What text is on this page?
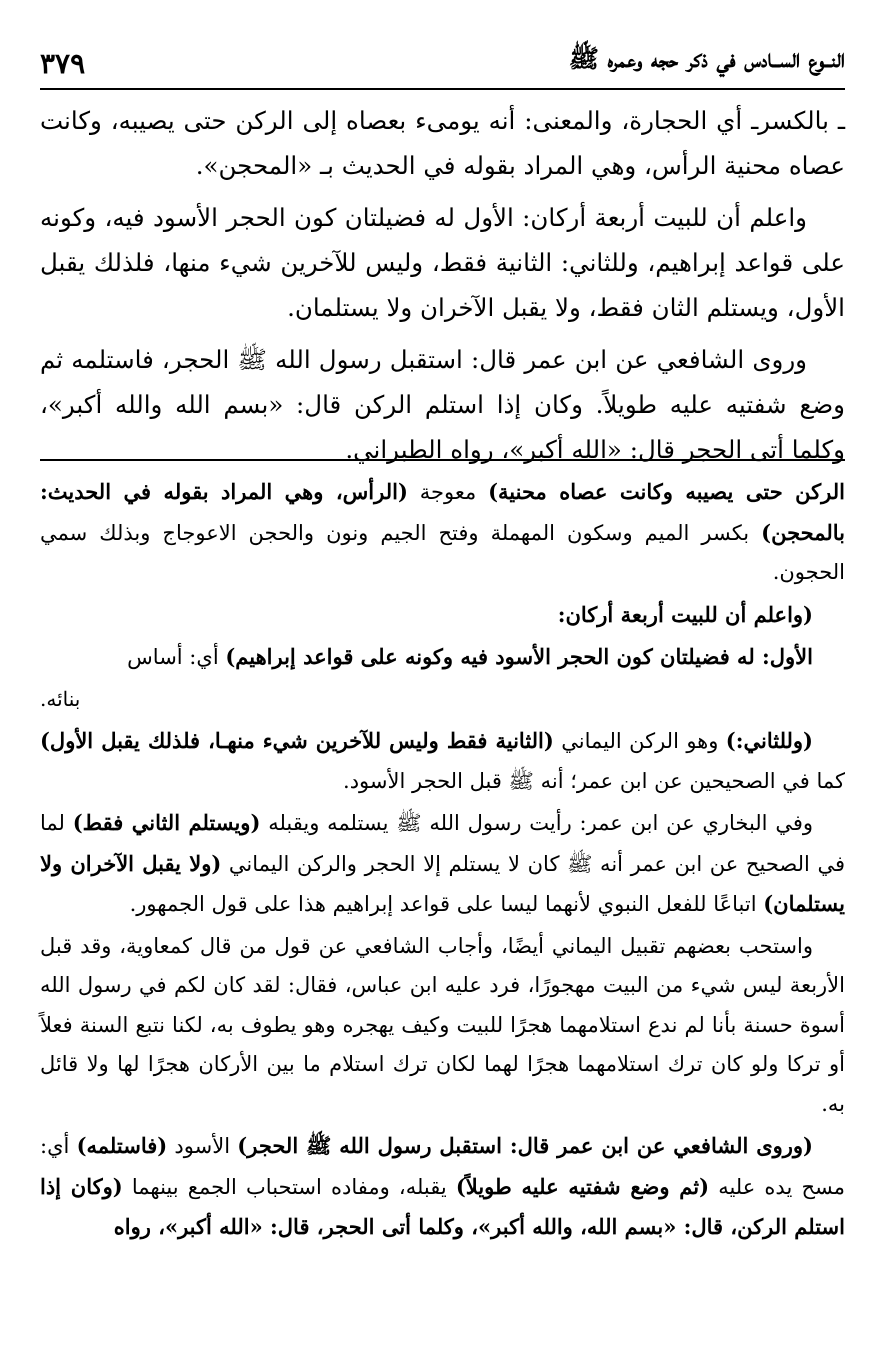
النــوع الســادس في ذكر حجه وعمره ﷺ
٣٧٩

ـ بالكسرـ أي الحجارة، والمعنى: أنه يومىء بعصاه إلى الركن حتى يصيبه، وكانت عصاه محنية الرأس، وهي المراد بقوله في الحديث بـ «المحجن».

واعلم أن للبيت أربعة أركان: الأول له فضيلتان كون الحجر الأسود فيه، وكونه على قواعد إبراهيم، وللثاني: الثانية فقط، وليس للآخرين شيء منها، فلذلك يقبل الأول، ويستلم الثان فقط، ولا يقبل الآخران ولا يستلمان.

وروى الشافعي عن ابن عمر قال: استقبل رسول الله ﷺ الحجر، فاستلمه ثم وضع شفتيه عليه طويلاً. وكان إذا استلم الركن قال: «بسم الله والله أكبر»، وكلما أتى الحجر قال: «الله أكبر»، رواه الطبراني.

الركن حتى يصيبه وكانت عصاه محنية) معوجة (الرأس، وهي المراد بقوله في الحديث: بالمحجن) بكسر الميم وسكون المهملة وفتح الجيم ونون والحجن الاعوجاج وبذلك سمي الحجون.

(واعلم أن للبيت أربعة أركان:

الأول: له فضيلتان كون الحجر الأسود فيه وكونه على قواعد إبراهيم) أي: أساس

بنائه.

(وللثاني:) وهو الركن اليماني (الثانية فقط وليس للآخرين شيء منهـا، فلذلك يقبل الأول) كما في الصحيحين عن ابن عمر؛ أنه ﷺ قبل الحجر الأسود.

وفي البخاري عن ابن عمر: رأيت رسول الله ﷺ يستلمه ويقبله (ويستلم الثاني فقط) لما في الصحيح عن ابن عمر أنه ﷺ كان لا يستلم إلا الحجر والركن اليماني (ولا يقبل الآخران ولا يستلمان) اتباعًا للفعل النبوي لأنهما ليسا على قواعد إبراهيم هذا على قول الجمهور.

واستحب بعضهم تقبيل اليماني أيضًا، وأجاب الشافعي عن قول من قال كمعاوية، وقد قبل الأربعة ليس شيء من البيت مهجورًا، فرد عليه ابن عباس، فقال: لقد كان لكم في رسول الله أسوة حسنة بأنا لم ندع استلامهما هجرًا للبيت وكيف يهجره وهو يطوف به، لكنا نتبع السنة فعلاً أو تركا ولو كان ترك استلامهما هجرًا لهما لكان ترك استلام ما بين الأركان هجرًا لها ولا قائل به.

(وروى الشافعي عن ابن عمر قال: استقبل رسول الله ﷺ الحجر) الأسود (فاستلمه) أي: مسح يده عليه (ثم وضع شفتيه عليه طويلاً) يقبله، ومفاده استحباب الجمع بينهما (وكان إذا استلم الركن، قال: «بسم الله، والله أكبر»، وكلما أتى الحجر، قال: «الله أكبر»، رواه
